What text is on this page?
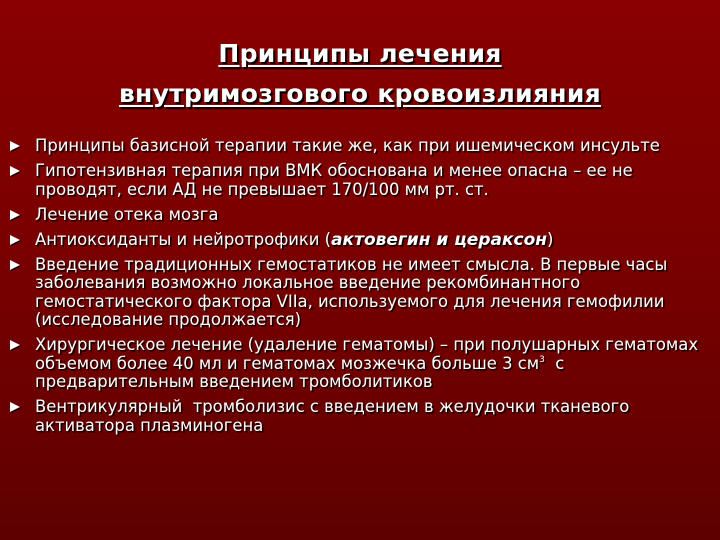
Принципы лечения
внутримозгового кровоизлияния
Принципы базисной терапии такие же, как при ишемическом инсульте
Гипотензивная терапия при ВМК обоснована и менее опасна – ее не проводят, если АД не превышает 170/100 мм рт. ст.
Лечение отека мозга
Антиоксиданты и нейротрофики (актовегин и цераксон)
Введение традиционных гемостатиков не имеет смысла. В первые часы заболевания возможно локальное введение рекомбинантного гемостатического фактора VIIa, используемого для лечения гемофилии (исследование продолжается)
Хирургическое лечение (удаление гематомы) – при полушарных гематомах объемом более 40 мл и гематомах мозжечка больше 3 $см^3$  с предварительным введением тромболитиков
Вентрикулярный  тромболизис с введением в желудочки тканевого активатора плазминогена
